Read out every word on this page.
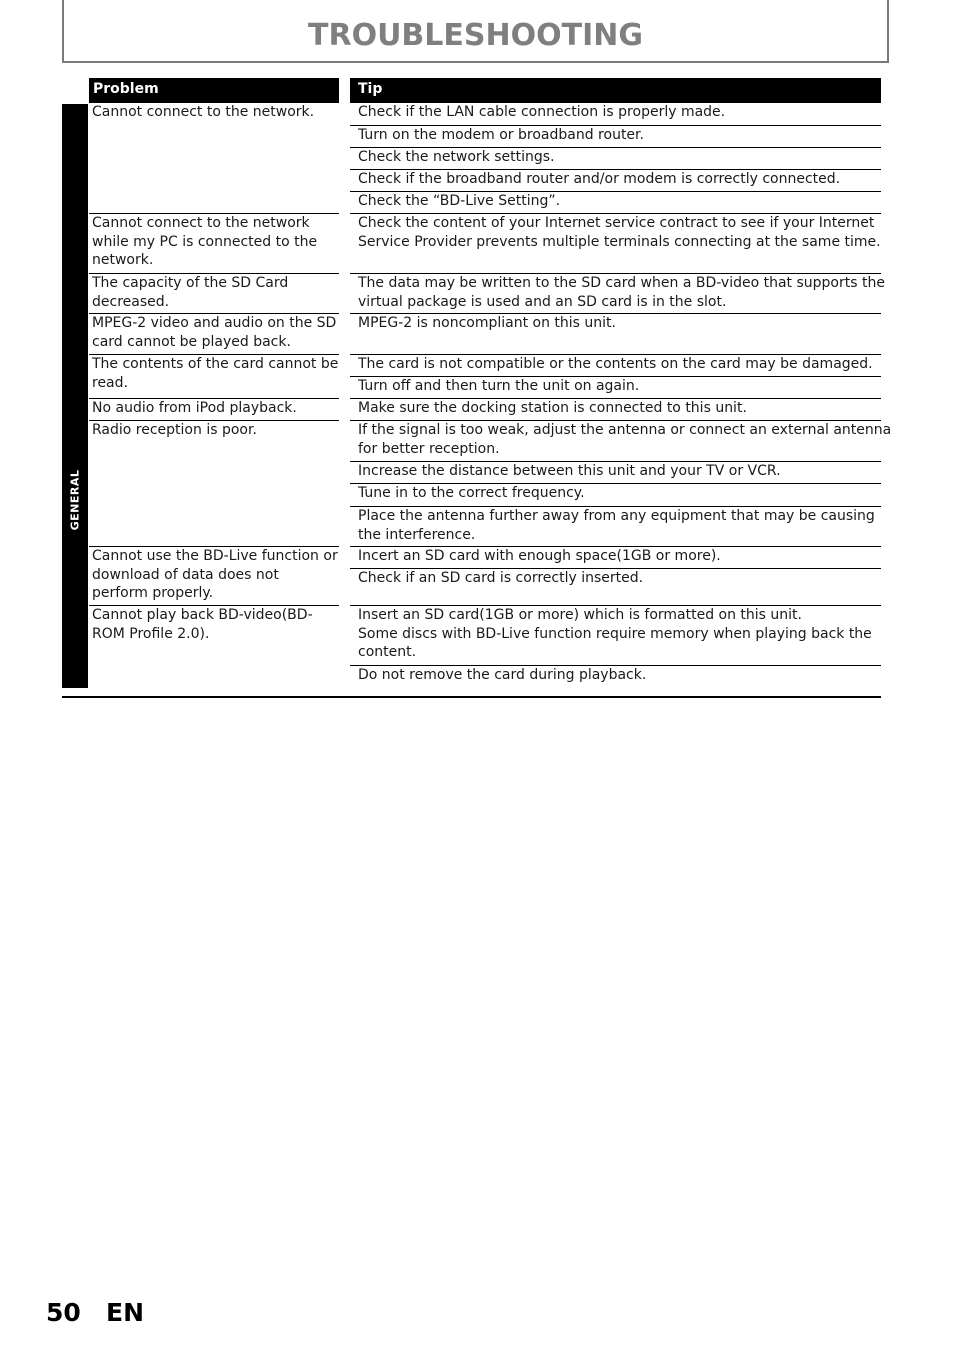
TROUBLESHOOTING
Problem	Tip
GENERAL
Cannot connect to the network.
Cannot connect to the network
while my PC is connected to the
network.
The capacity of the SD Card
decreased.
MPEG-2 video and audio on the SD
card cannot be played back.
The contents of the card cannot be
read.
No audio from iPod playback.
Radio reception is poor.
Cannot use the BD-Live function or
download of data does not
perform properly.
Cannot play back BD-video(BD-
ROM Profile 2.0).
Check if the LAN cable connection is properly made.
Turn on the modem or broadband router.
Check the network settings.
Check if the broadband router and/or modem is correctly connected.
Check the “BD-Live Setting”.
Check the content of your Internet service contract to see if your Internet
Service Provider prevents multiple terminals connecting at the same time.
The data may be written to the SD card when a BD-video that supports the
virtual package is used and an SD card is in the slot.
MPEG-2 is noncompliant on this unit.
The card is not compatible or the contents on the card may be damaged.
Turn off and then turn the unit on again.
Make sure the docking station is connected to this unit.
If the signal is too weak, adjust the antenna or connect an external antenna
for better reception.
Increase the distance between this unit and your TV or VCR.
Tune in to the correct frequency.
Place the antenna further away from any equipment that may be causing
the interference.
Incert an SD card with enough space(1GB or more).
Check if an SD card is correctly inserted.
Insert an SD card(1GB or more) which is formatted on this unit.
Some discs with BD-Live function require memory when playing back the
content.
Do not remove the card during playback.
50 EN
